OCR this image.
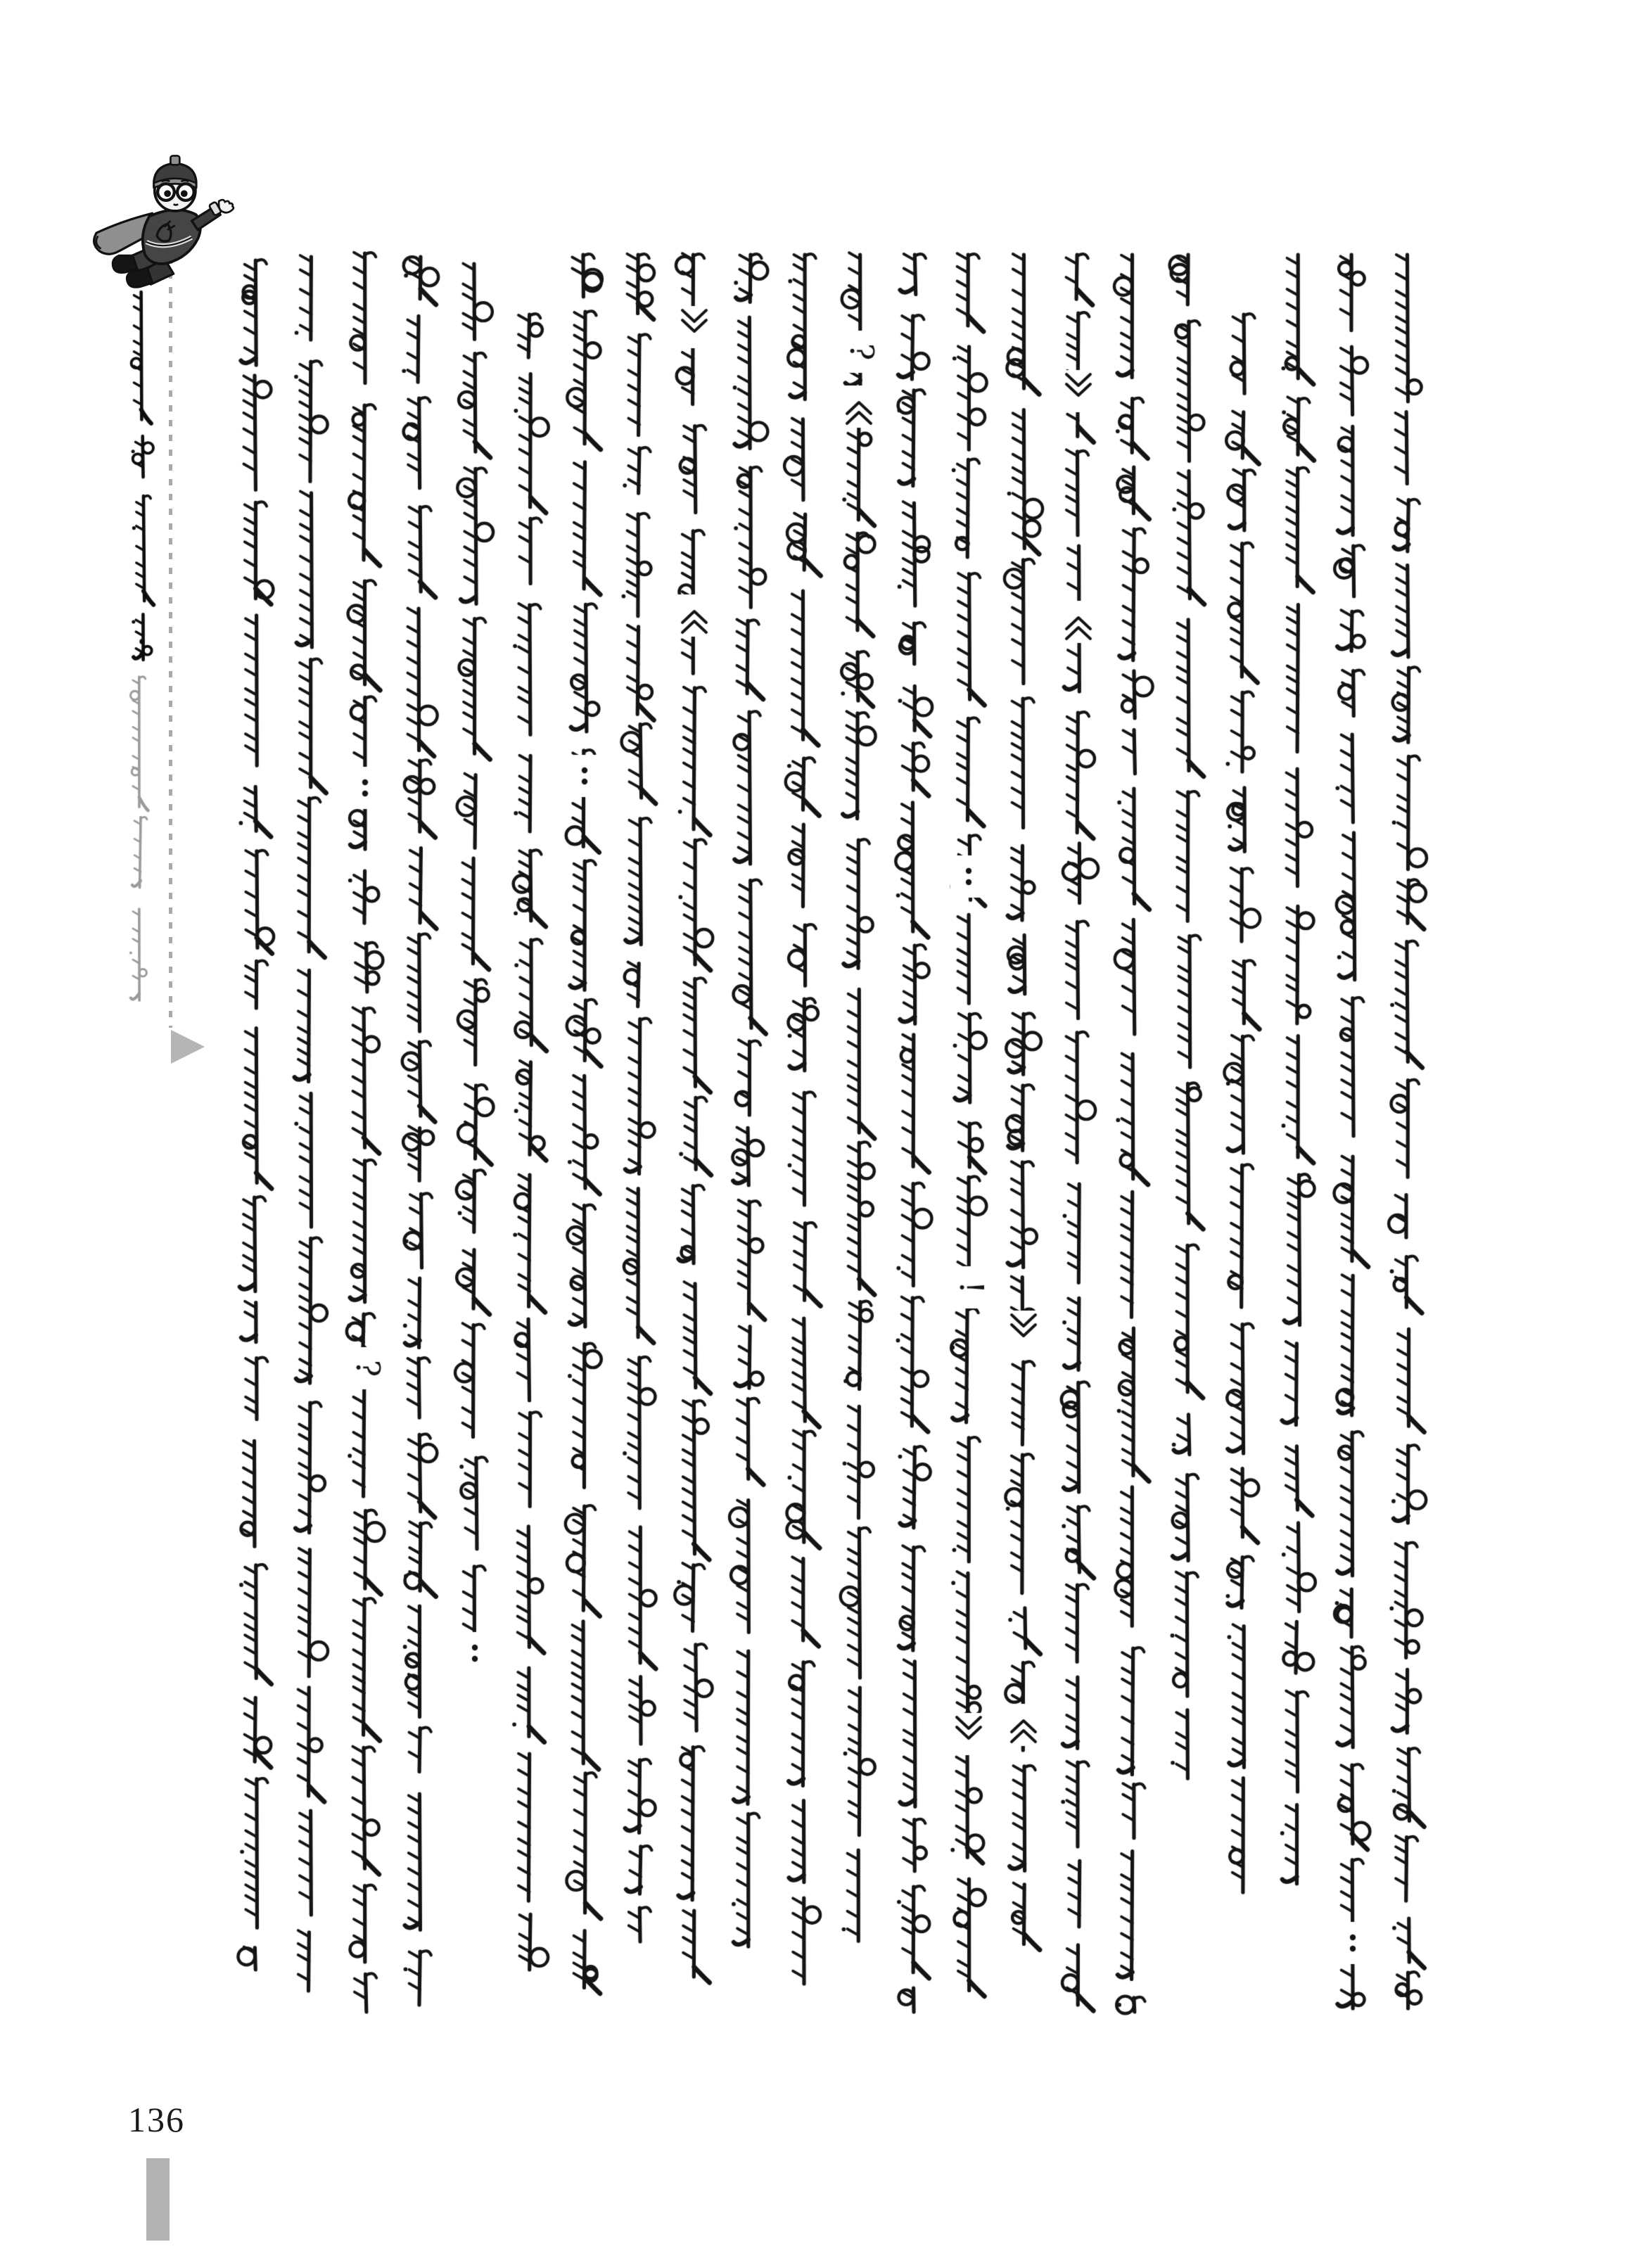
136
